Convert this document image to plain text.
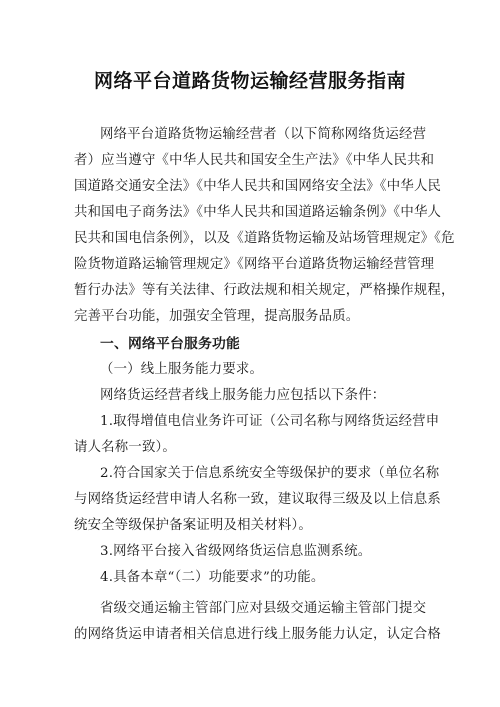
网络平台道路货物运输经营服务指南
网络平台道路货物运输经营者（以下简称网络货运经营
者）应当遵守《中华人民共和国安全生产法》《中华人民共和
国道路交通安全法》《中华人民共和国网络安全法》《中华人民
共和国电子商务法》《中华人民共和国道路运输条例》《中华人
民共和国电信条例》，以及《道路货物运输及站场管理规定》《危
险货物道路运输管理规定》《网络平台道路货物运输经营管理
暂行办法》等有关法律、行政法规和相关规定，严格操作规程，
完善平台功能，加强安全管理，提高服务品质。
一、网络平台服务功能
（一）线上服务能力要求。
网络货运经营者线上服务能力应包括以下条件：
1.取得增值电信业务许可证（公司名称与网络货运经营申
请人名称一致）。
2.符合国家关于信息系统安全等级保护的要求（单位名称
与网络货运经营申请人名称一致，建议取得三级及以上信息系
统安全等级保护备案证明及相关材料）。
3.网络平台接入省级网络货运信息监测系统。
4.具备本章“（二）功能要求”的功能。
省级交通运输主管部门应对县级交通运输主管部门提交
的网络货运申请者相关信息进行线上服务能力认定，认定合格
